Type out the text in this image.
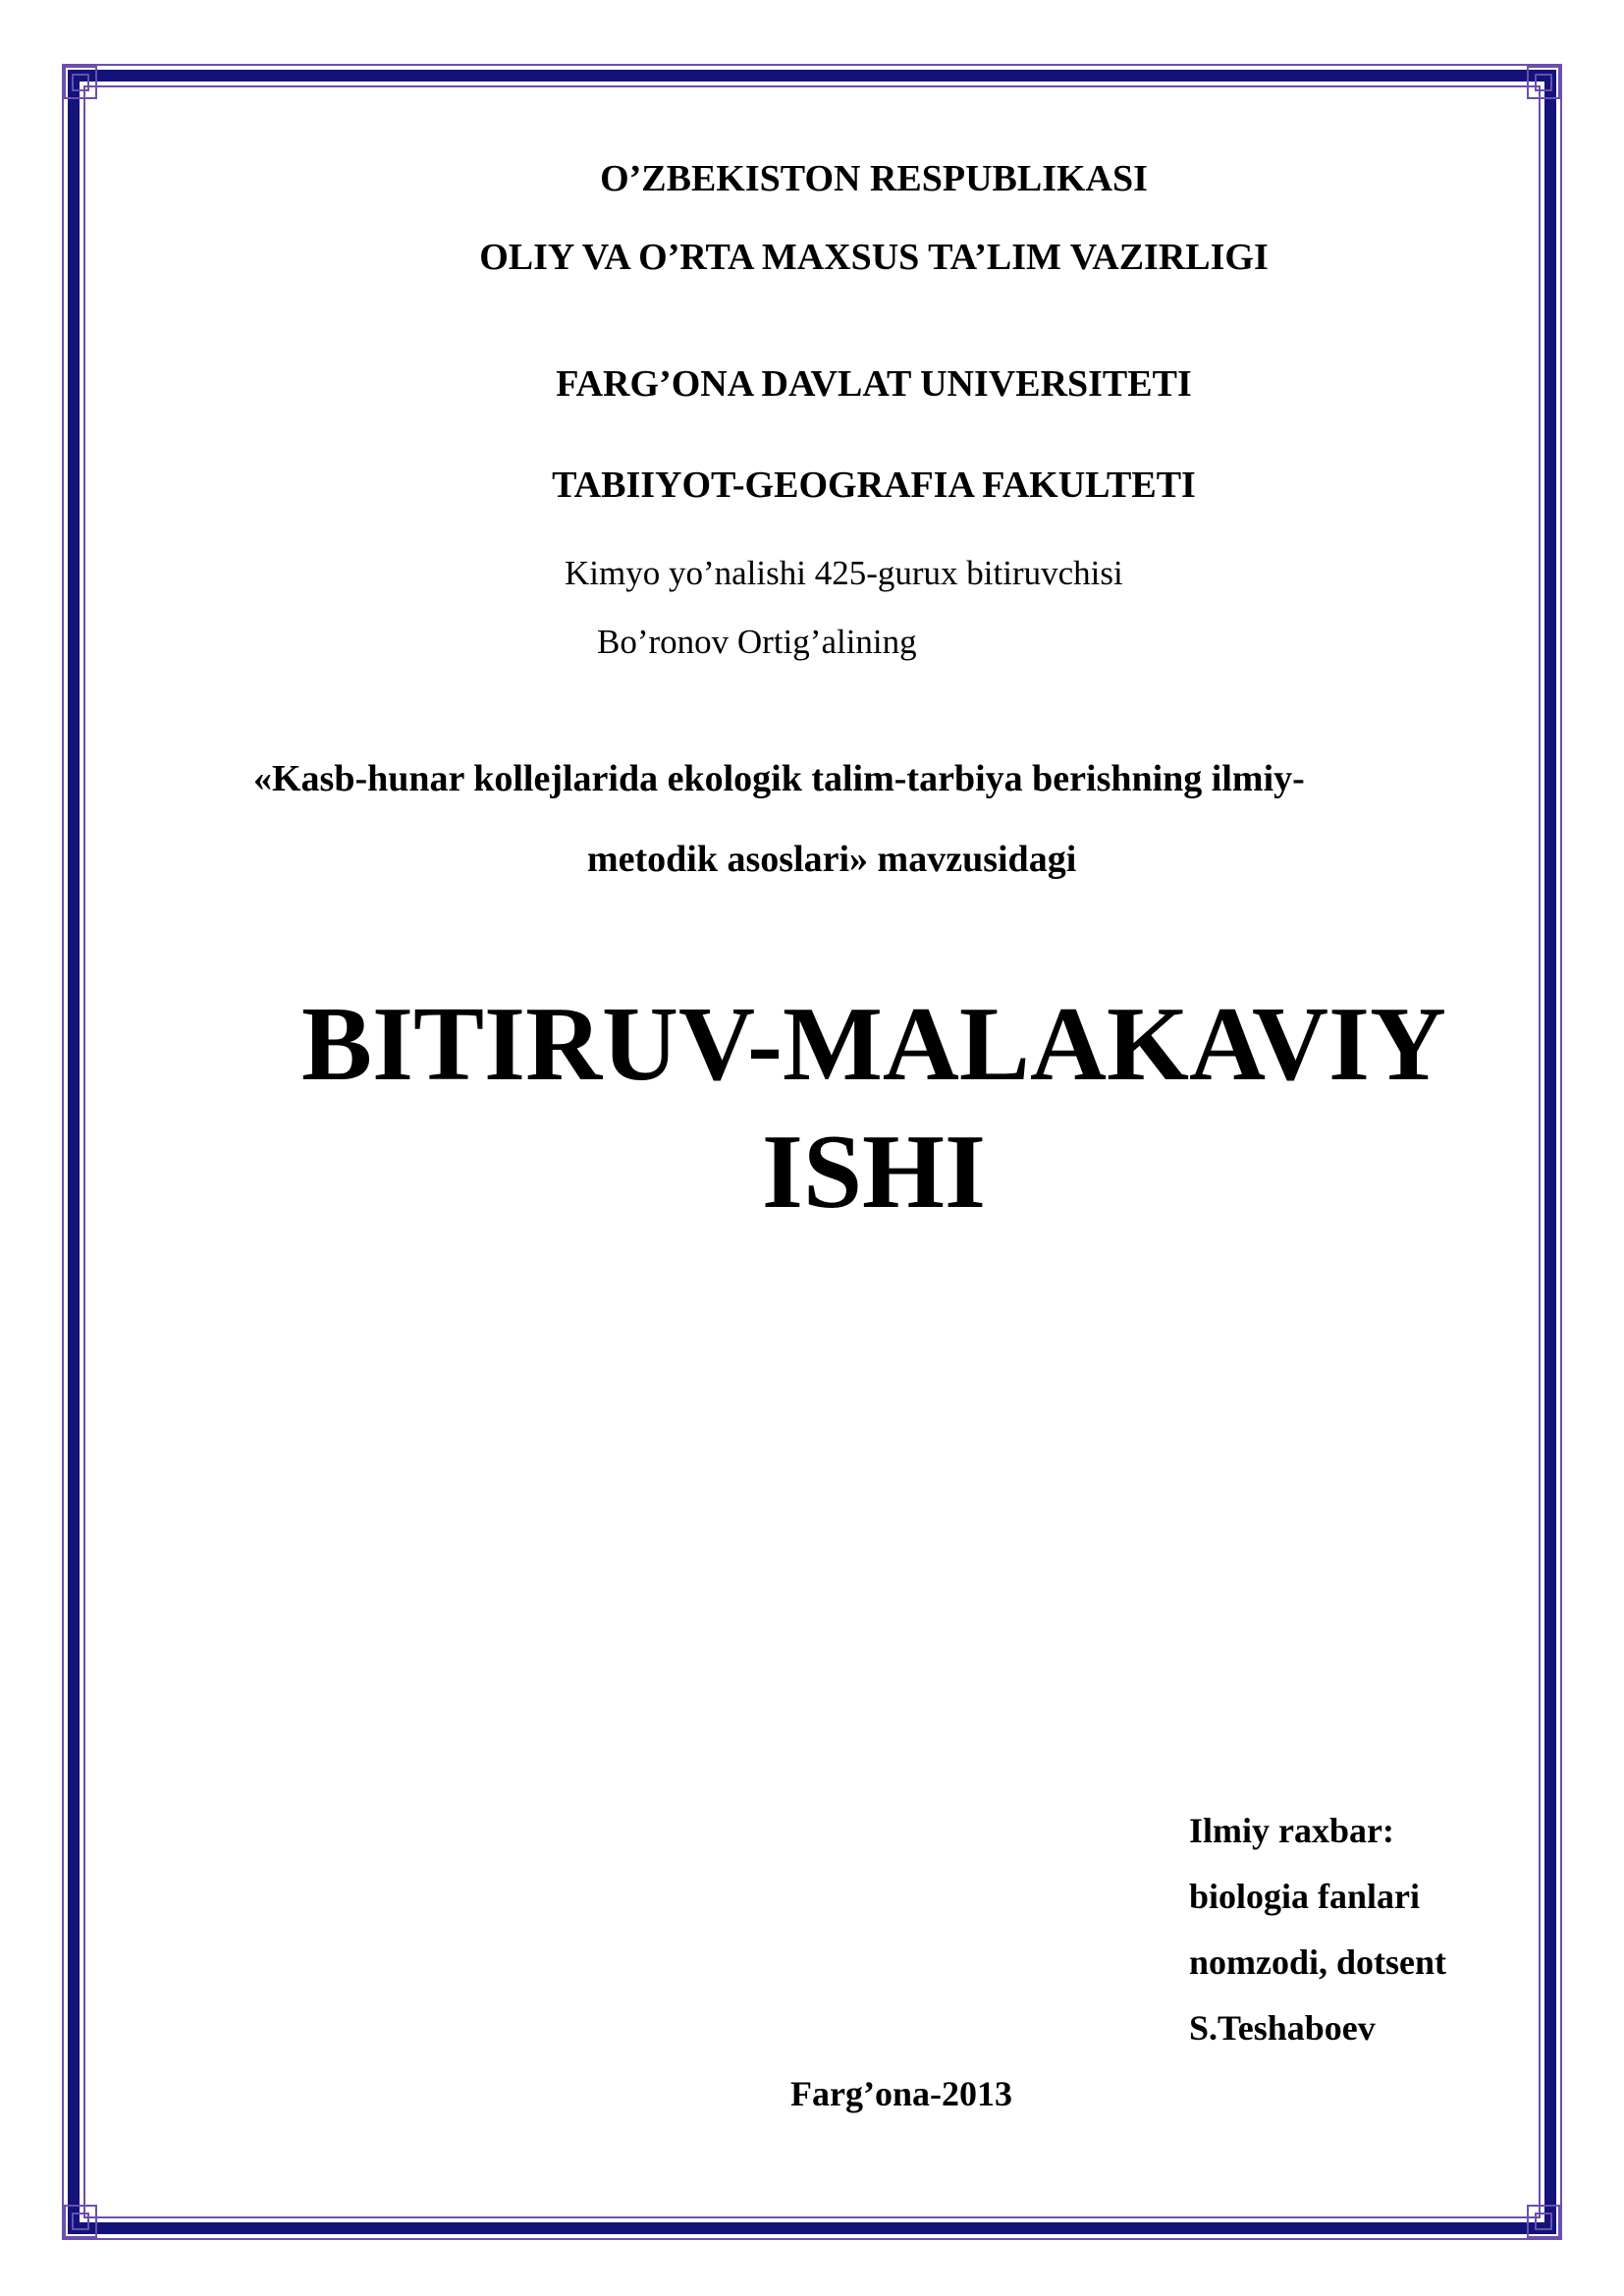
O’ZBEKISTON RESPUBLIKASI
OLIY VA O’RTA MAXSUS TA’LIM VAZIRLIGI
FARG’ONA DAVLAT UNIVERSITETI
TABIIYOT-GEOGRAFIA FAKULTETI
Kimyo yo’nalishi 425-gurux bitiruvchisi
Bo’ronov Ortig’alining
«Kasb-hunar kollejlarida ekologik talim-tarbiya berishning ilmiy-
metodik asoslari» mavzusidagi
BITIRUV-MALAKAVIY
ISHI
Ilmiy raxbar:
biologia fanlari
nomzodi, dotsent
S.Teshaboev
Farg’ona-2013
